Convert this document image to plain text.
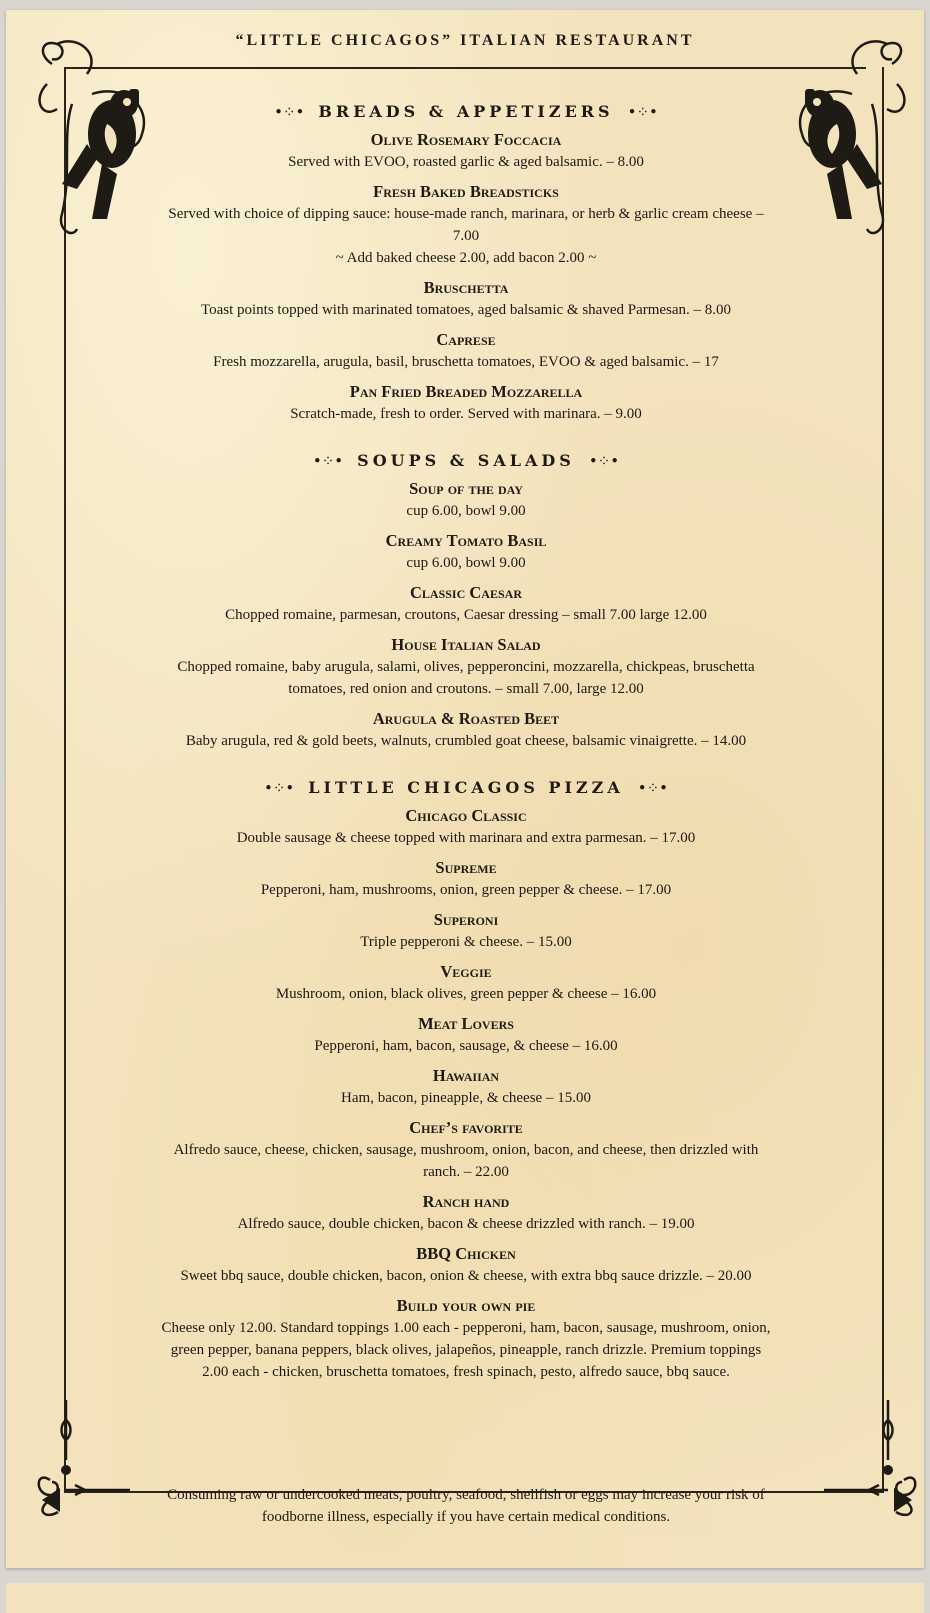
“LITTLE CHICAGOS” ITALIAN RESTAURANT
•⁘• BREADS & APPETIZERS •⁘•
Olive Rosemary Foccacia
Served with EVOO, roasted garlic & aged balsamic. – 8.00
Fresh Baked Breadsticks
Served with choice of dipping sauce: house-made ranch, marinara, or herb & garlic cream cheese –
7.00
~ Add baked cheese 2.00, add bacon 2.00 ~
Bruschetta
Toast points topped with marinated tomatoes, aged balsamic & shaved Parmesan. – 8.00
Caprese
Fresh mozzarella, arugula, basil, bruschetta tomatoes, EVOO & aged balsamic. – 17
Pan Fried Breaded Mozzarella
Scratch-made, fresh to order. Served with marinara. – 9.00
•⁘• SOUPS & SALADS •⁘•
Soup of the day
cup 6.00, bowl 9.00
Creamy Tomato Basil
cup 6.00, bowl 9.00
Classic Caesar
Chopped romaine, parmesan, croutons, Caesar dressing – small 7.00 large 12.00
House Italian Salad
Chopped romaine, baby arugula, salami, olives, pepperoncini, mozzarella, chickpeas, bruschetta
tomatoes, red onion and croutons. – small 7.00, large 12.00
Arugula & Roasted Beet
Baby arugula, red & gold beets, walnuts, crumbled goat cheese, balsamic vinaigrette. – 14.00
•⁘• LITTLE CHICAGOS PIZZA •⁘•
Chicago Classic
Double sausage & cheese topped with marinara and extra parmesan. – 17.00
Supreme
Pepperoni, ham, mushrooms, onion, green pepper & cheese. – 17.00
Superoni
Triple pepperoni & cheese. – 15.00
Veggie
Mushroom, onion, black olives, green pepper & cheese – 16.00
Meat Lovers
Pepperoni, ham, bacon, sausage, & cheese – 16.00
Hawaiian
Ham, bacon, pineapple, & cheese – 15.00
Chef’s favorite
Alfredo sauce, cheese, chicken, sausage, mushroom, onion, bacon, and cheese, then drizzled with
ranch. – 22.00
Ranch hand
Alfredo sauce, double chicken, bacon & cheese drizzled with ranch. – 19.00
BBQ Chicken
Sweet bbq sauce, double chicken, bacon, onion & cheese, with extra bbq sauce drizzle. – 20.00
Build your own pie
Cheese only 12.00. Standard toppings 1.00 each - pepperoni, ham, bacon, sausage, mushroom, onion,
green pepper, banana peppers, black olives, jalapeños, pineapple, ranch drizzle. Premium toppings
2.00 each - chicken, bruschetta tomatoes, fresh spinach, pesto, alfredo sauce, bbq sauce.
Consuming raw or undercooked meats, poultry, seafood, shellfish or eggs may increase your risk of
foodborne illness, especially if you have certain medical conditions.
